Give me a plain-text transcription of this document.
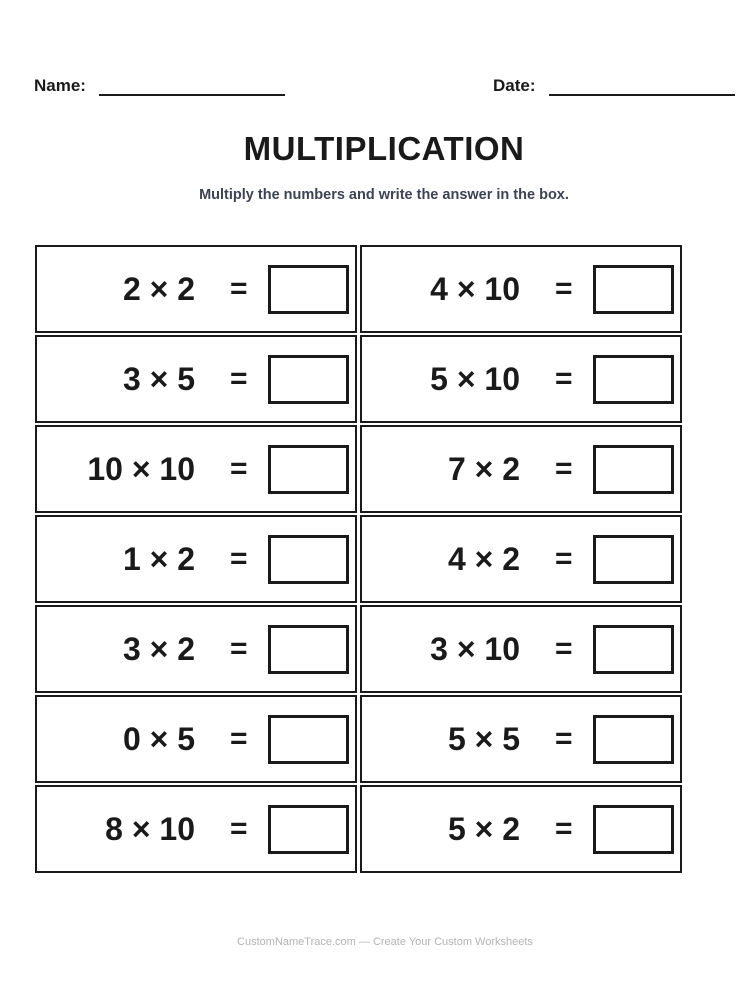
Name:	Date:
MULTIPLICATION
Multiply the numbers and write the answer in the box.
2 × 2 =	4 × 10 =
3 × 5 =	5 × 10 =
10 × 10 =	7 × 2 =
1 × 2 =	4 × 2 =
3 × 2 =	3 × 10 =
0 × 5 =	5 × 5 =
8 × 10 =	5 × 2 =
CustomNameTrace.com — Create Your Custom Worksheets
